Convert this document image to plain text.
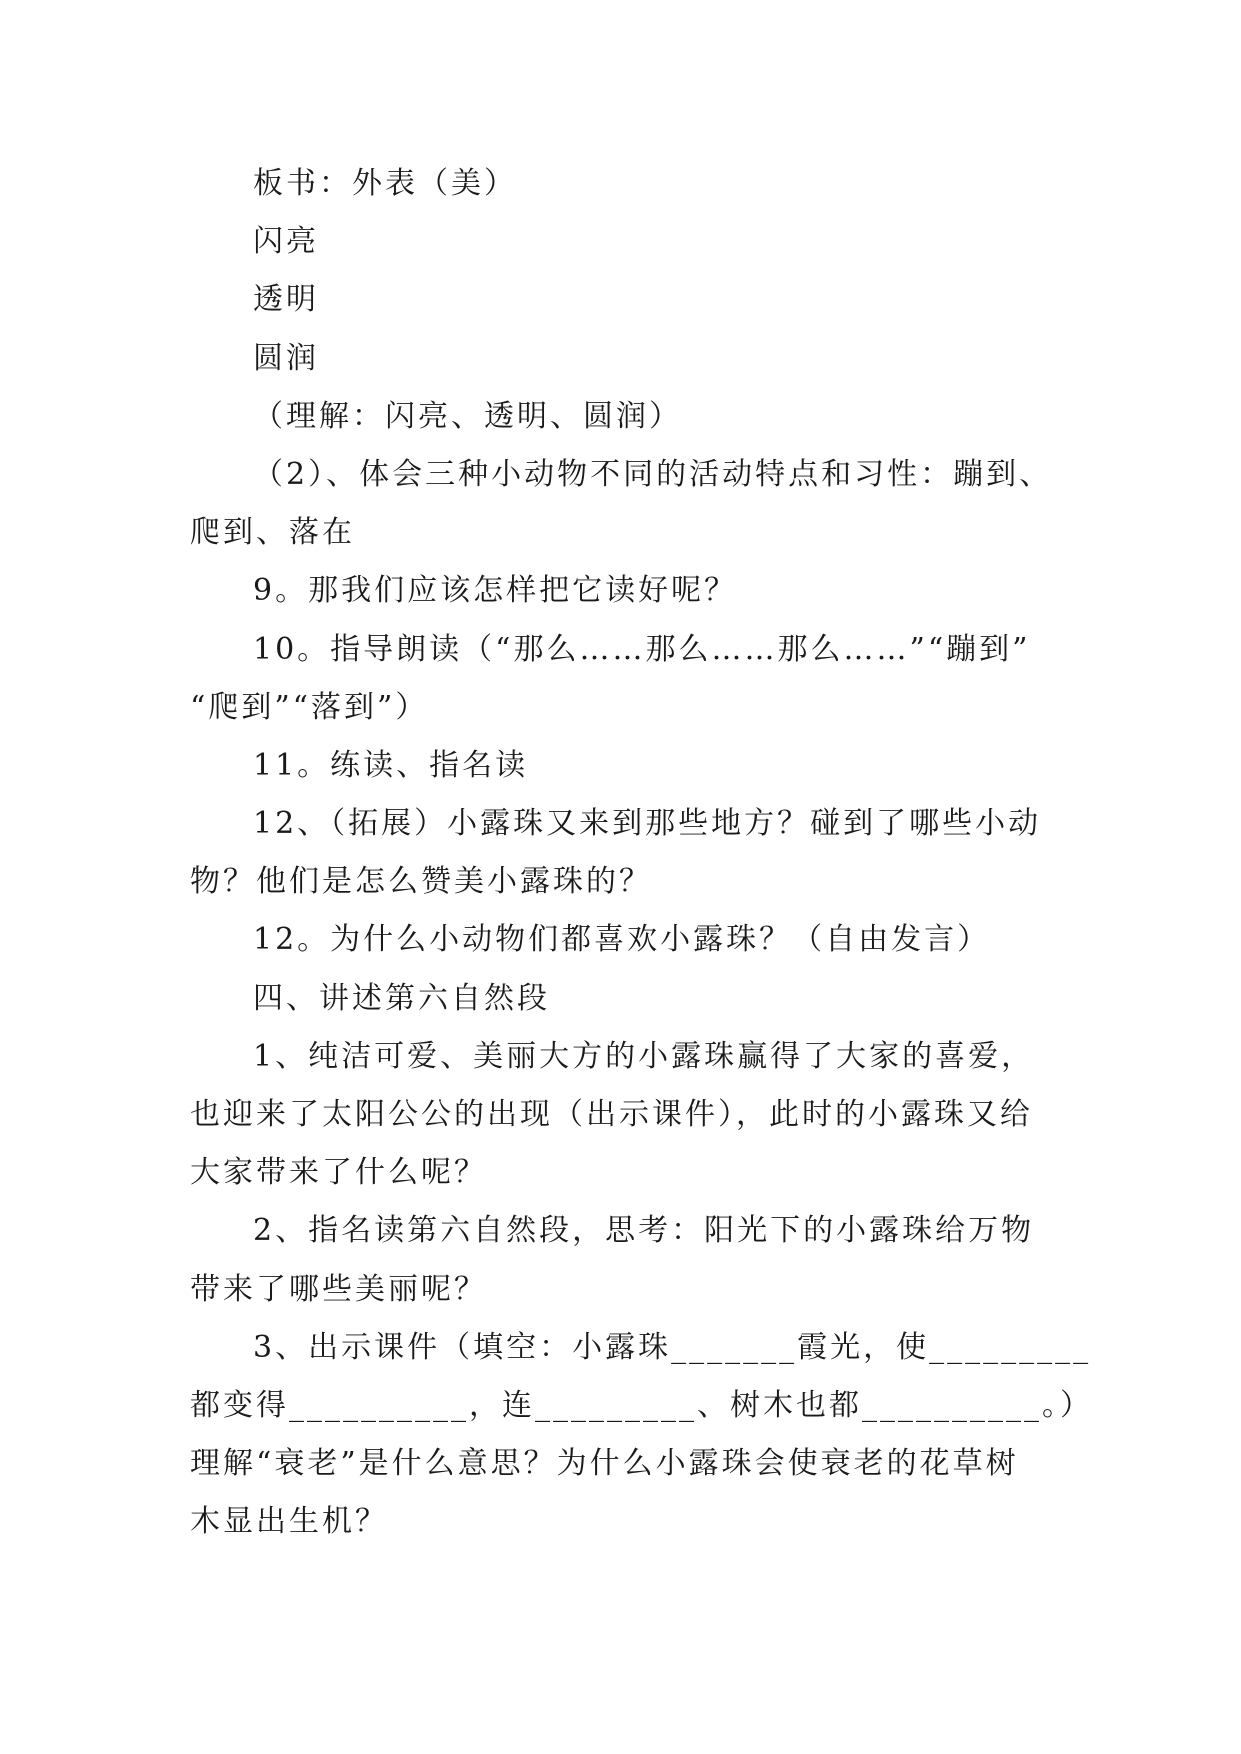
板书：外表（美）
闪亮
透明
圆润
（理解：闪亮、透明、圆润）
（2）、体会三种小动物不同的活动特点和习性：蹦到、
爬到、落在
9。那我们应该怎样把它读好呢？
10。指导朗读（“那么……那么……那么……”“蹦到”
“爬到”“落到”）
11。练读、指名读
12、（拓展）小露珠又来到那些地方？碰到了哪些小动
物？他们是怎么赞美小露珠的？
12。为什么小动物们都喜欢小露珠？（自由发言）
四、讲述第六自然段
1、纯洁可爱、美丽大方的小露珠赢得了大家的喜爱，
也迎来了太阳公公的出现（出示课件），此时的小露珠又给
大家带来了什么呢？
2、指名读第六自然段，思考：阳光下的小露珠给万物
带来了哪些美丽呢？
3、出示课件（填空：小露珠_______霞光，使_________
都变得__________，连_________、树木也都__________。）
理解“衰老”是什么意思？为什么小露珠会使衰老的花草树
木显出生机？
